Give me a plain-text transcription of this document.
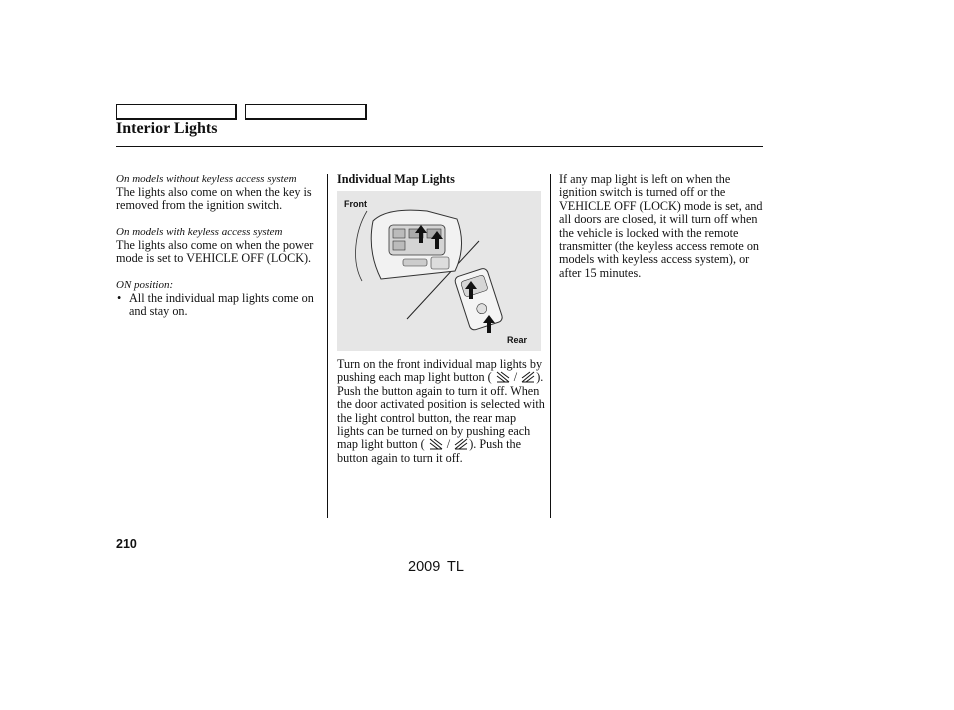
Interior Lights
On models without keyless access system

The lights also come on when the key is removed from the ignition switch.

On models with keyless access system

The lights also come on when the power mode is set to VEHICLE OFF (LOCK).

ON position:
• All the individual map lights come on and stay on.
Individual Map Lights
Front
Rear

Turn on the front individual map lights by pushing each map light button ( / ). Push the button again to turn it off. When the door activated position is selected with the light control button, the rear map lights can be turned on by pushing each map light button ( / ). Push the button again to turn it off.

If any map light is left on when the ignition switch is turned off or the VEHICLE OFF (LOCK) mode is set, and all doors are closed, it will turn off when the vehicle is locked with the remote transmitter (the keyless access remote on models with keyless access system), or after 15 minutes.

210
2009 TL
